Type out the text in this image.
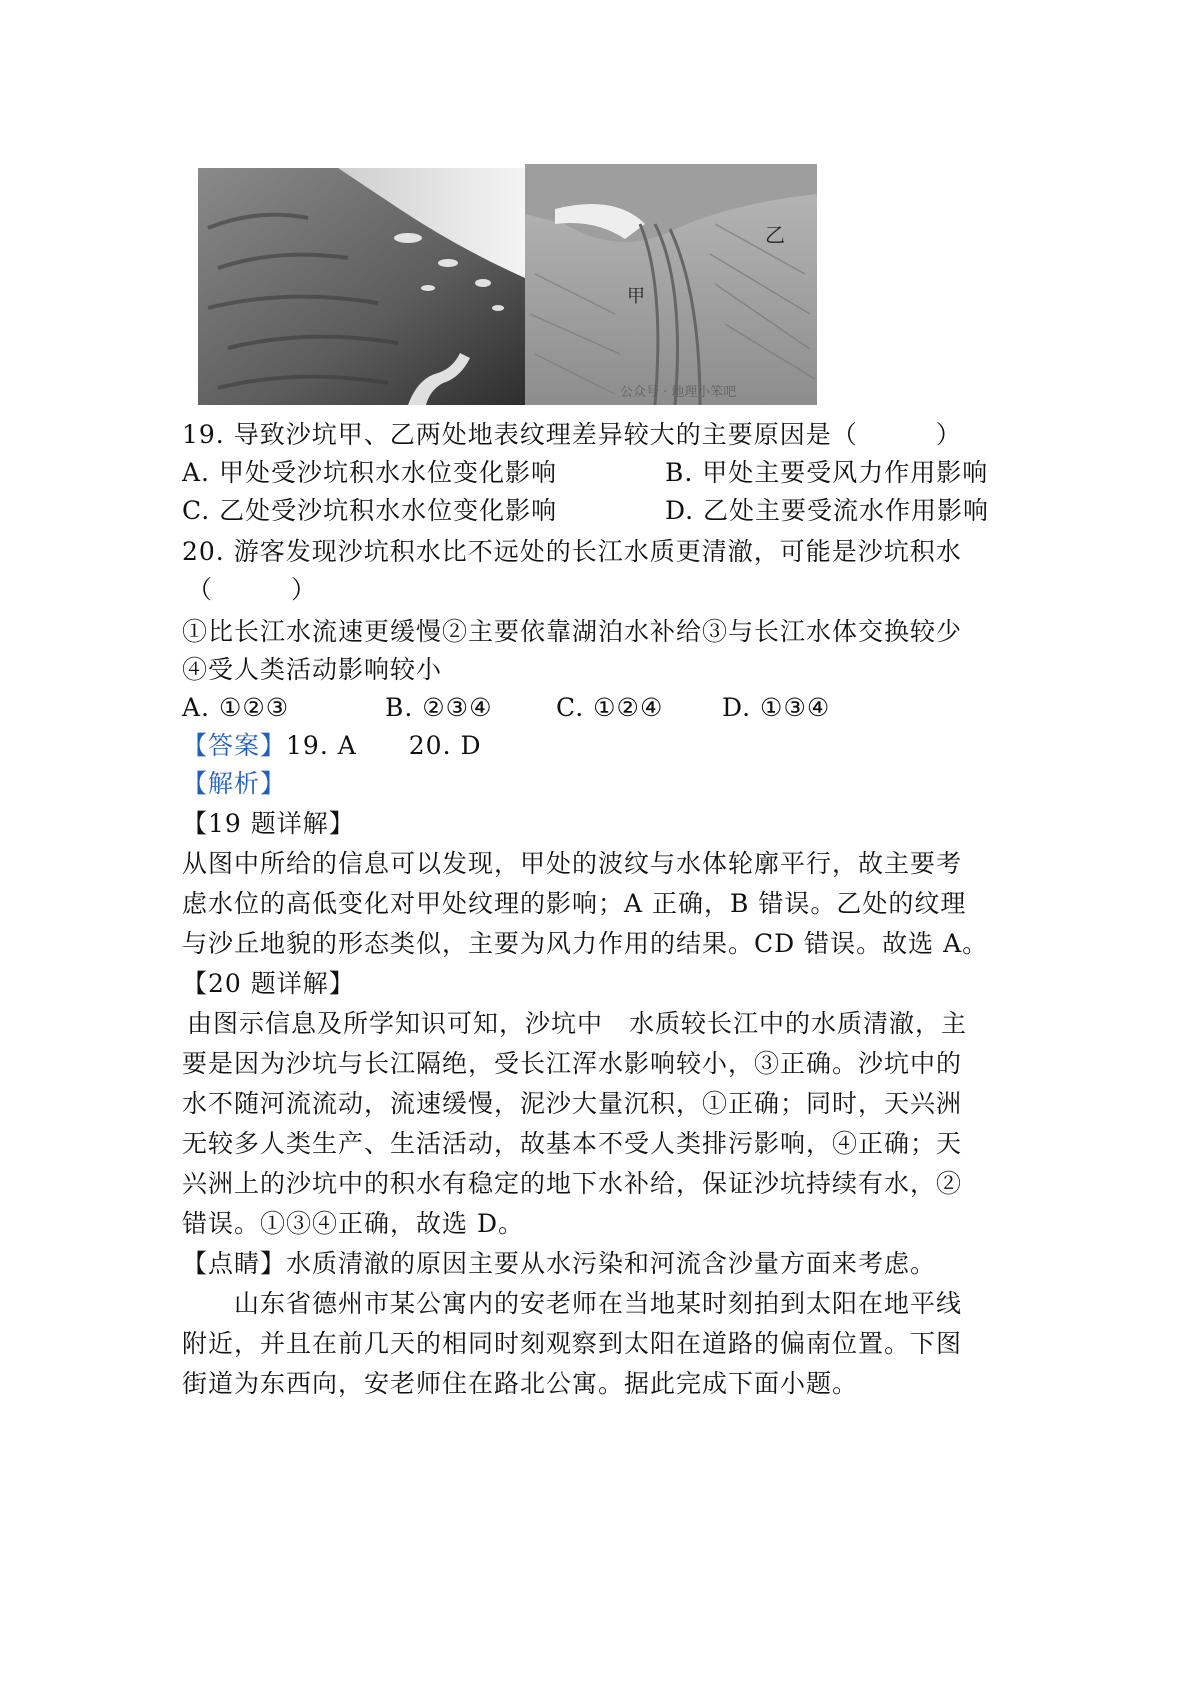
甲
乙
公众号 · 地理小笨吧
19. 导致沙坑甲、乙两处地表纹理差异较大的主要原因是（　　　）
A. 甲处受沙坑积水水位变化影响	B. 甲处主要受风力作用影响
C. 乙处受沙坑积水水位变化影响	D. 乙处主要受流水作用影响
20. 游客发现沙坑积水比不远处的长江水质更清澈，可能是沙坑积水
（　　　）
①比长江水流速更缓慢②主要依靠湖泊水补给③与长江水体交换较少
④受人类活动影响较小
A. ①②③	B. ②③④	C. ①②④ D. ①③④
【答案】19. A　　20. D
【解析】
【19 题详解】
从图中所给的信息可以发现，甲处的波纹与水体轮廓平行，故主要考
虑水位的高低变化对甲处纹理的影响；A 正确，B 错误。乙处的纹理
与沙丘地貌的形态类似，主要为风力作用的结果。CD 错误。故选 A。
【20 题详解】
由图示信息及所学知识可知，沙坑中　水质较长江中的水质清澈，主
要是因为沙坑与长江隔绝，受长江浑水影响较小，③正确。沙坑中的
水不随河流流动，流速缓慢，泥沙大量沉积，①正确；同时，天兴洲
无较多人类生产、生活活动，故基本不受人类排污影响，④正确；天
兴洲上的沙坑中的积水有稳定的地下水补给，保证沙坑持续有水，②
错误。①③④正确，故选 D。
【点睛】水质清澈的原因主要从水污染和河流含沙量方面来考虑。
　　山东省德州市某公寓内的安老师在当地某时刻拍到太阳在地平线
附近，并且在前几天的相同时刻观察到太阳在道路的偏南位置。下图
街道为东西向，安老师住在路北公寓。据此完成下面小题。
